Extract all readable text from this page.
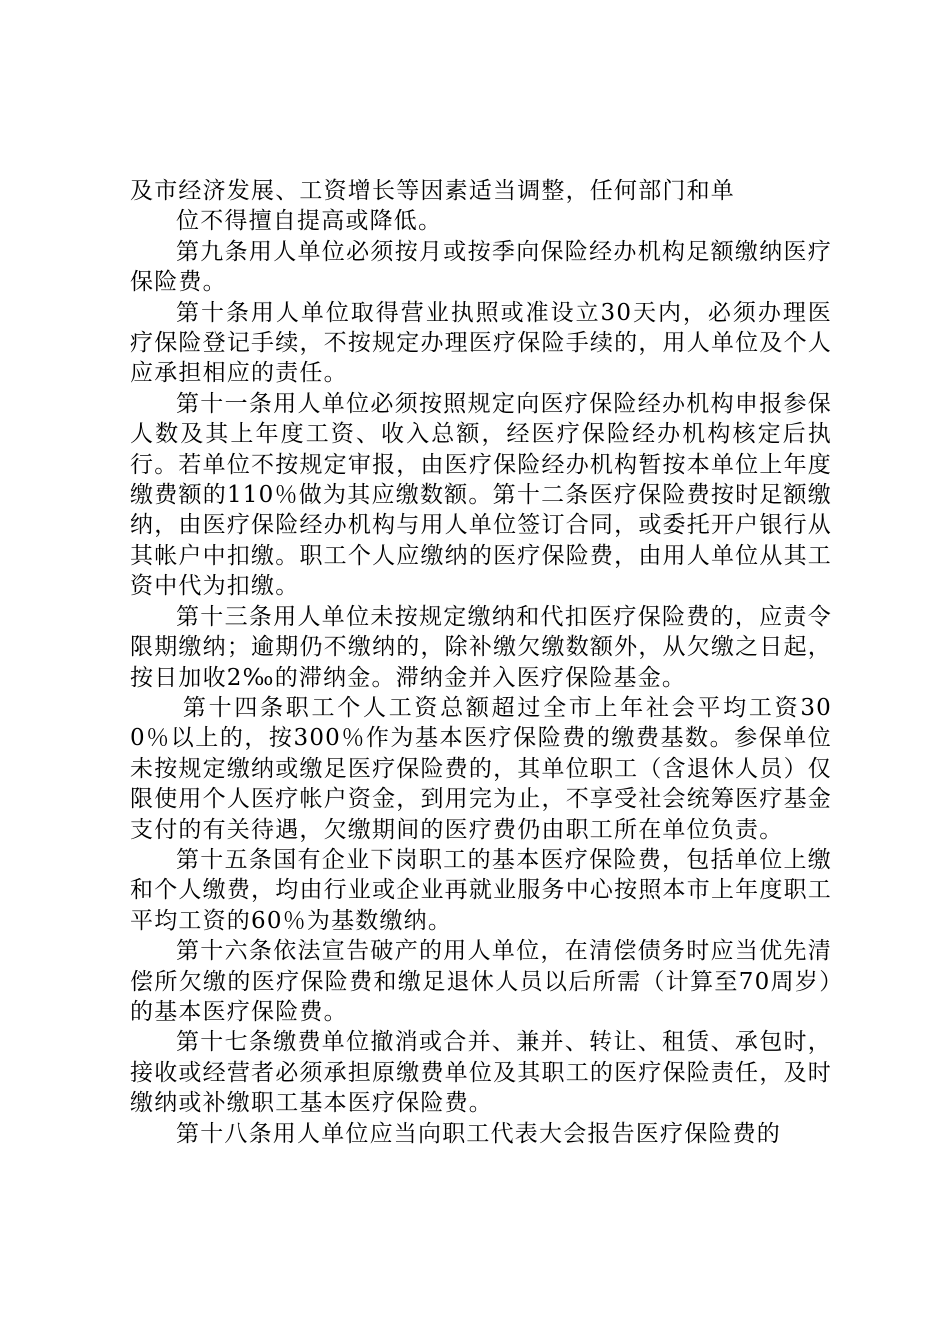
及市经济发展、工资增长等因素适当调整，任何部门和单

位不得擅自提高或降低。

第九条用人单位必须按月或按季向保险经办机构足额缴纳医疗保险费。

第十条用人单位取得营业执照或准设立30天内，必须办理医疗保险登记手续，不按规定办理医疗保险手续的，用人单位及个人应承担相应的责任。

第十一条用人单位必须按照规定向医疗保险经办机构申报参保人数及其上年度工资、收入总额，经医疗保险经办机构核定后执行。若单位不按规定审报，由医疗保险经办机构暂按本单位上年度缴费额的110％做为其应缴数额。第十二条医疗保险费按时足额缴纳，由医疗保险经办机构与用人单位签订合同，或委托开户银行从其帐户中扣缴。职工个人应缴纳的医疗保险费，由用人单位从其工资中代为扣缴。

第十三条用人单位未按规定缴纳和代扣医疗保险费的，应责令限期缴纳；逾期仍不缴纳的，除补缴欠缴数额外，从欠缴之日起，按日加收2‰的滞纳金。滞纳金并入医疗保险基金。

第十四条职工个人工资总额超过全市上年社会平均工资300％以上的，按300％作为基本医疗保险费的缴费基数。参保单位未按规定缴纳或缴足医疗保险费的，其单位职工（含退休人员）仅限使用个人医疗帐户资金，到用完为止，不享受社会统筹医疗基金支付的有关待遇，欠缴期间的医疗费仍由职工所在单位负责。

第十五条国有企业下岗职工的基本医疗保险费，包括单位上缴和个人缴费，均由行业或企业再就业服务中心按照本市上年度职工平均工资的60％为基数缴纳。

第十六条依法宣告破产的用人单位，在清偿债务时应当优先清偿所欠缴的医疗保险费和缴足退休人员以后所需（计算至70周岁）的基本医疗保险费。

第十七条缴费单位撤消或合并、兼并、转让、租赁、承包时，接收或经营者必须承担原缴费单位及其职工的医疗保险责任，及时缴纳或补缴职工基本医疗保险费。

第十八条用人单位应当向职工代表大会报告医疗保险费的
